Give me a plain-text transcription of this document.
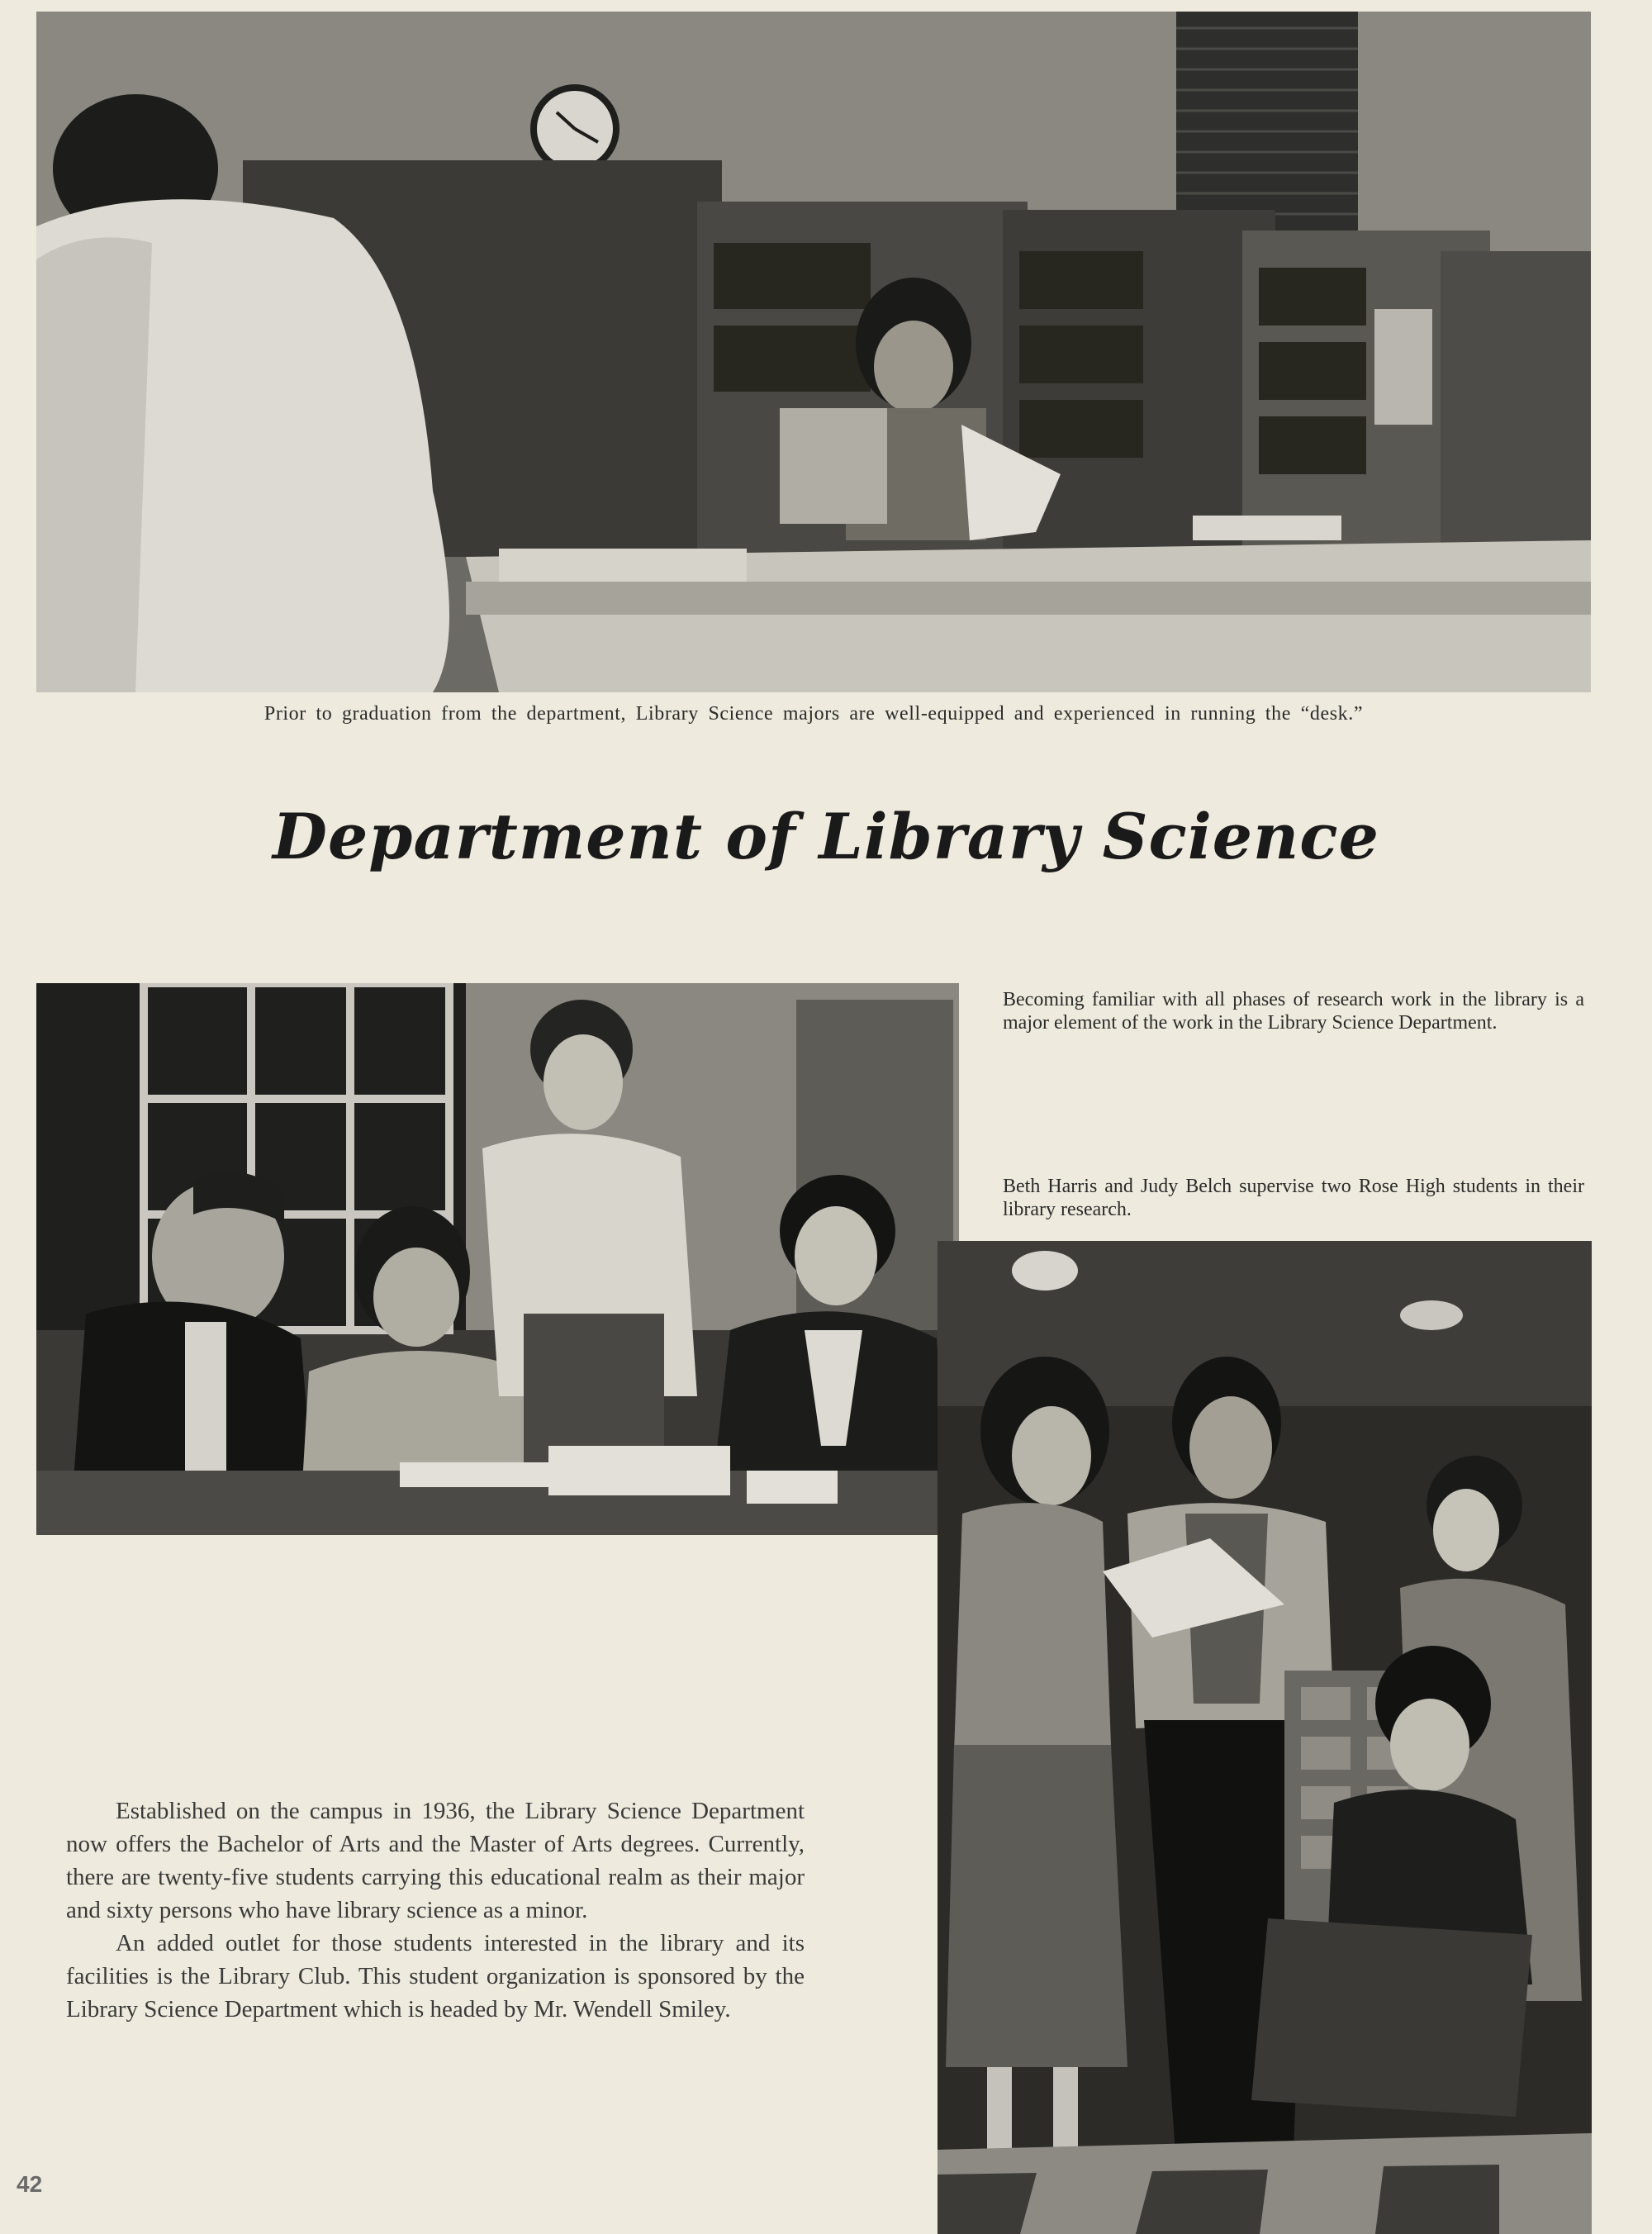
Prior to graduation from the department, Library Science majors are well-equipped and experienced in running the “desk.”
Department of Library Science
Becoming familiar with all phases of research work in the library is a major element of the work in the Library Science Department.
Beth Harris and Judy Belch supervise two Rose High students in their library research.

Established on the campus in 1936, the Library Science Department now offers the Bachelor of Arts and the Master of Arts degrees. Currently, there are twenty-five students carrying this educational realm as their major and sixty persons who have library science as a minor.

An added outlet for those students interested in the library and its facilities is the Library Club. This student organization is sponsored by the Library Science Department which is headed by Mr. Wendell Smiley.

42
